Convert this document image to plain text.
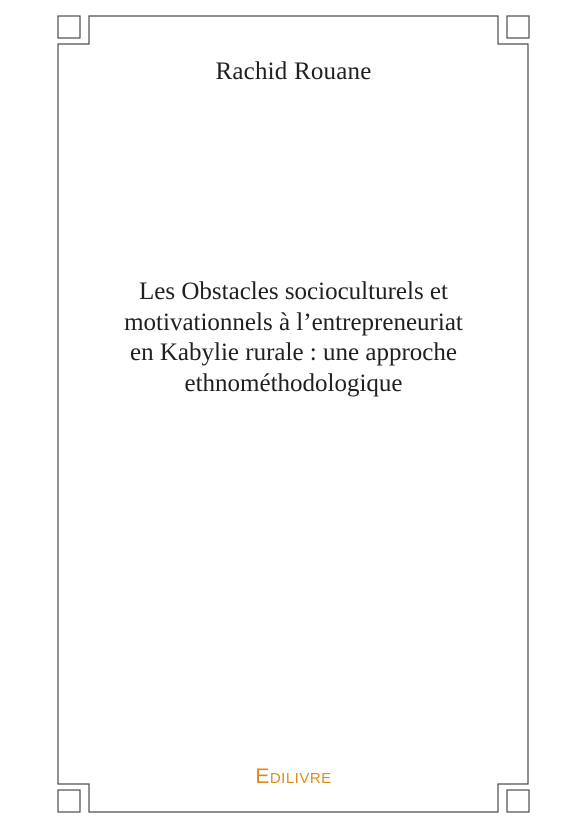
Rachid Rouane
Les Obstacles socioculturels et
motivationnels à l’entrepreneuriat
en Kabylie rurale : une approche
ethnométhodologique
EDILIVRE
